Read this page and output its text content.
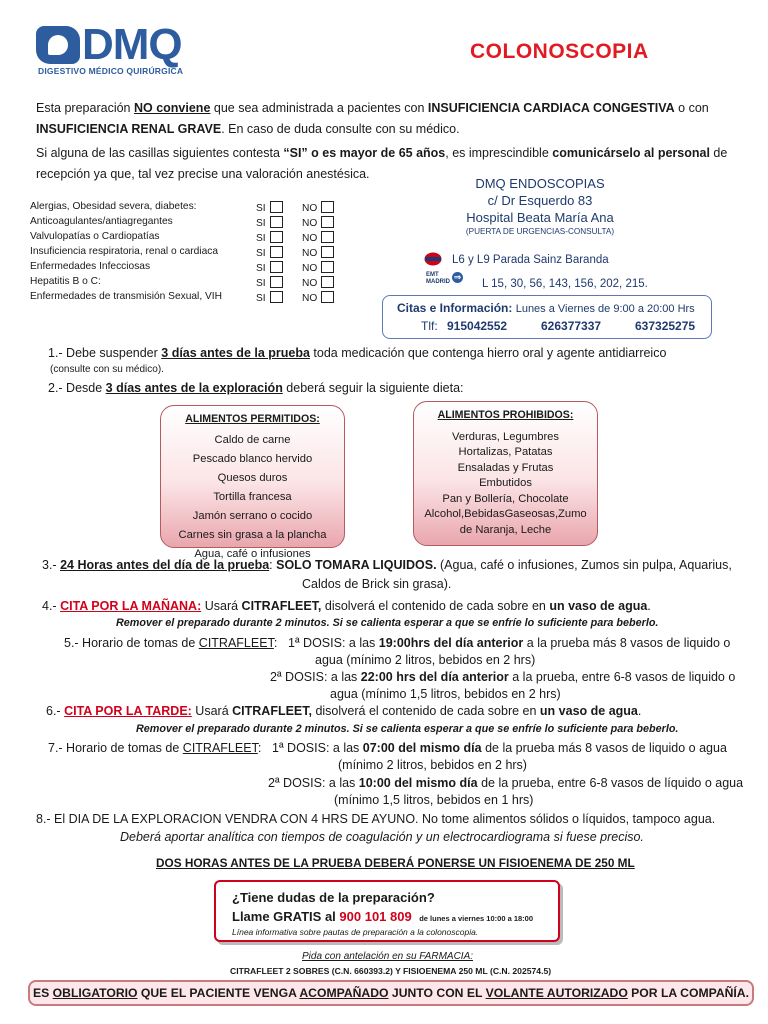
DMQ
DIGESTIVO MÉDICO QUIRÚRGICA
COLONOSCOPIA
Esta preparación NO conviene que sea administrada a pacientes con INSUFICIENCIA CARDIACA CONGESTIVA o con
INSUFICIENCIA RENAL GRAVE. En caso de duda consulte con su médico.
Si alguna de las casillas siguientes contesta “SI” o es mayor de 65 años, es imprescindible comunicárselo al personal de
recepción ya que, tal vez precise una valoración anestésica.
Alergias, Obesidad severa, diabetes:	SI	NO
Anticoagulantes/antiagregantes	SI	NO
Valvulopatías o Cardiopatías	SI	NO
Insuficiencia respiratoria, renal o cardiaca	SI	NO
Enfermedades Infecciosas	SI	NO
Hepatitis B o C:	SI	NO
Enfermedades de transmisión Sexual, VIH	SI	NO
DMQ ENDOSCOPIAS
c/ Dr Esquerdo 83
Hospital Beata María Ana
(PUERTA DE URGENCIAS-CONSULTA)
L6 y L9 Parada Sainz Baranda
EMT MADRID ⇒
L 15, 30, 56, 143, 156, 202, 215.
Citas e Información: Lunes a Viernes de 9:00 a 20:00 Hrs
Tlf: 915042552	626377337	637325275
1.- Debe suspender 3 días antes de la prueba toda medicación que contenga hierro oral y agente antidiarreico
(consulte con su médico).
2.- Desde 3 días antes de la exploración deberá seguir la siguiente dieta:
ALIMENTOS PERMITIDOS:
Caldo de carne
Pescado blanco hervido
Quesos duros
Tortilla francesa
Jamón serrano o cocido
Carnes sin grasa a la plancha
Agua, café o infusiones
ALIMENTOS PROHIBIDOS:
Verduras, Legumbres
Hortalizas, Patatas
Ensaladas y Frutas
Embutidos
Pan y Bollería, Chocolate
Alcohol,BebidasGaseosas,Zumo
de Naranja, Leche
3.- 24 Horas antes del día de la prueba: SOLO TOMARA LIQUIDOS. (Agua, café o infusiones, Zumos sin pulpa, Aquarius,
Caldos de Brick sin grasa).
4.- CITA POR LA MAÑANA: Usará CITRAFLEET, disolverá el contenido de cada sobre en un vaso de agua.
Remover el preparado durante 2 minutos. Si se calienta esperar a que se enfríe lo suficiente para beberlo.
5.- Horario de tomas de CITRAFLEET: 1ª DOSIS: a las 19:00hrs del día anterior a la prueba más 8 vasos de liquido o
agua (mínimo 2 litros, bebidos en 2 hrs)
2ª DOSIS: a las 22:00 hrs del día anterior a la prueba, entre 6-8 vasos de liquido o
agua (mínimo 1,5 litros, bebidos en 2 hrs)
6.- CITA POR LA TARDE: Usará CITRAFLEET, disolverá el contenido de cada sobre en un vaso de agua.
Remover el preparado durante 2 minutos. Si se calienta esperar a que se enfríe lo suficiente para beberlo.
7.- Horario de tomas de CITRAFLEET: 1ª DOSIS: a las 07:00 del mismo día de la prueba más 8 vasos de liquido o agua
(mínimo 2 litros, bebidos en 2 hrs)
2ª DOSIS: a las 10:00 del mismo día de la prueba, entre 6-8 vasos de líquido o agua
(mínimo 1,5 litros, bebidos en 1 hrs)
8.- El DIA DE LA EXPLORACION VENDRA CON 4 HRS DE AYUNO. No tome alimentos sólidos o líquidos, tampoco agua.
Deberá aportar analítica con tiempos de coagulación y un electrocardiograma si fuese preciso.
DOS HORAS ANTES DE LA PRUEBA DEBERÁ PONERSE UN FISIOENEMA DE 250 ML
¿Tiene dudas de la preparación?
Llame GRATIS al 900 101 809 de lunes a viernes 10:00 a 18:00
Línea informativa sobre pautas de preparación a la colonoscopia.
Pida con antelación en su FARMACIA:
CITRAFLEET 2 SOBRES (C.N. 660393.2) Y FISIOENEMA 250 ML (C.N. 202574.5)
ES OBLIGATORIO QUE EL PACIENTE VENGA ACOMPAÑADO JUNTO CON EL VOLANTE AUTORIZADO POR LA COMPAÑÍA.
